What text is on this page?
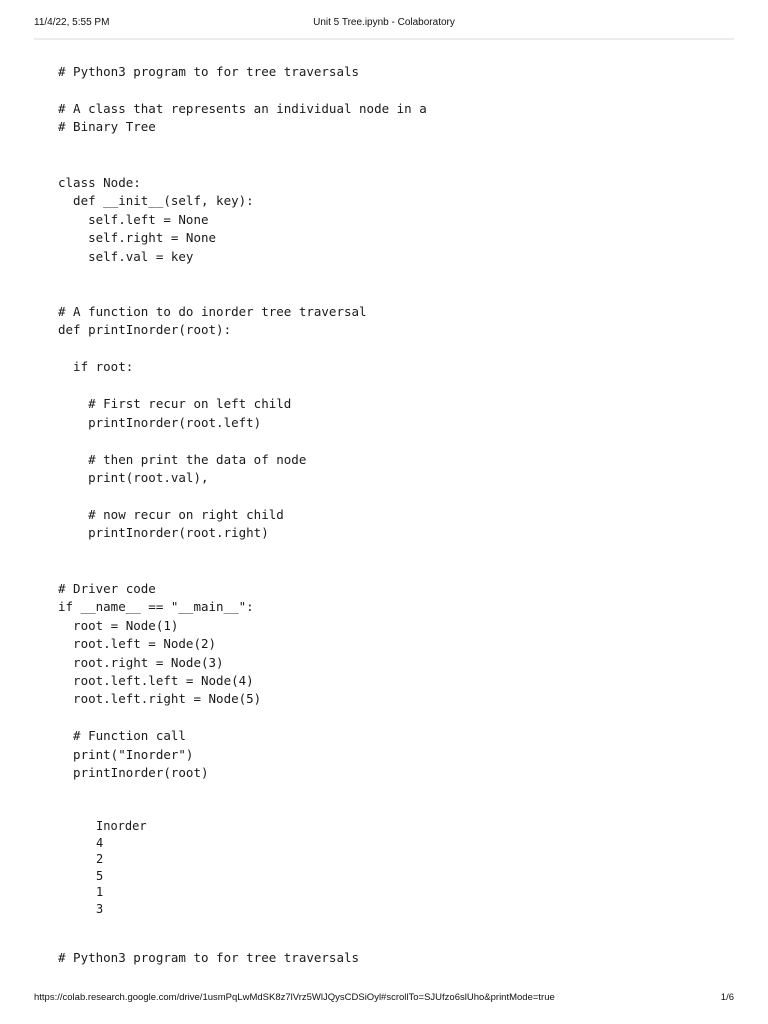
11/4/22, 5:55 PM	Unit 5 Tree.ipynb - Colaboratory
# Python3 program to for tree traversals

# A class that represents an individual node in a
# Binary Tree

class Node:
def __init__(self, key):
self.left = None
self.right = None
self.val = key

# A function to do inorder tree traversal
def printInorder(root):

if root:

# First recur on left child
printInorder(root.left)

# then print the data of node
print(root.val),

# now recur on right child
printInorder(root.right)

# Driver code
if __name__ == "__main__":
root = Node(1)
root.left = Node(2)
root.right = Node(3)
root.left.left = Node(4)
root.left.right = Node(5)

# Function call
print("Inorder")
printInorder(root)
Inorder
4
2
5
1
3
# Python3 program to for tree traversals
https://colab.research.google.com/drive/1usmPqLwMdSK8z7lVrz5WlJQysCDSiOyl#scrollTo=SJUfzo6slUho&printMode=true	1/6
